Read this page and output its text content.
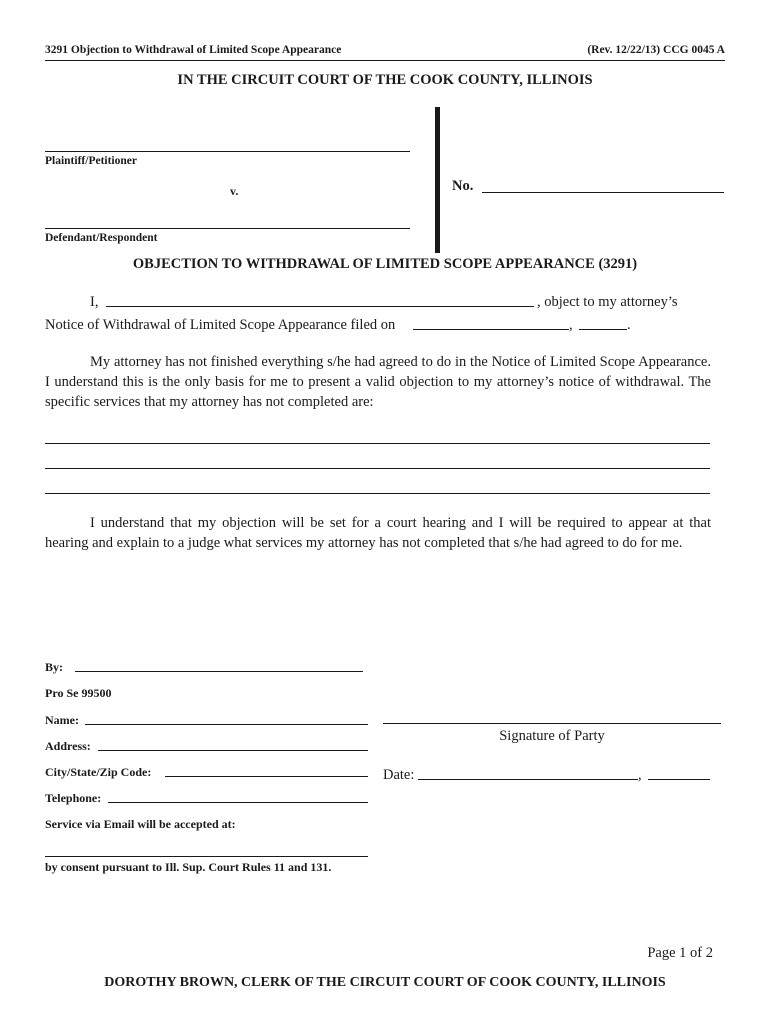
3291 Objection to Withdrawal of Limited Scope Appearance	(Rev. 12/22/13) CCG 0045 A
IN THE CIRCUIT COURT OF THE COOK COUNTY, ILLINOIS
Plaintiff/Petitioner
v.
Defendant/Respondent
No.
OBJECTION TO WITHDRAWAL OF LIMITED SCOPE APPEARANCE (3291)
I,	, object to my attorney’s
Notice of Withdrawal of Limited Scope Appearance filed on	,	.
My attorney has not finished everything s/he had agreed to do in the Notice of Limited Scope Appearance. I understand this is the only basis for me to present a valid objection to my attorney’s notice of withdrawal. The specific services that my attorney has not completed are:
I understand that my objection will be set for a court hearing and I will be required to appear at that hearing and explain to a judge what services my attorney has not completed that s/he had agreed to do for me.
By:
Pro Se 99500
Name:
Address:
City/State/Zip Code:
Telephone:
Service via Email will be accepted at:
by consent pursuant to Ill. Sup. Court Rules 11 and 131.
Signature of Party
Date:	,
Page 1 of 2
DOROTHY BROWN, CLERK OF THE CIRCUIT COURT OF COOK COUNTY, ILLINOIS
